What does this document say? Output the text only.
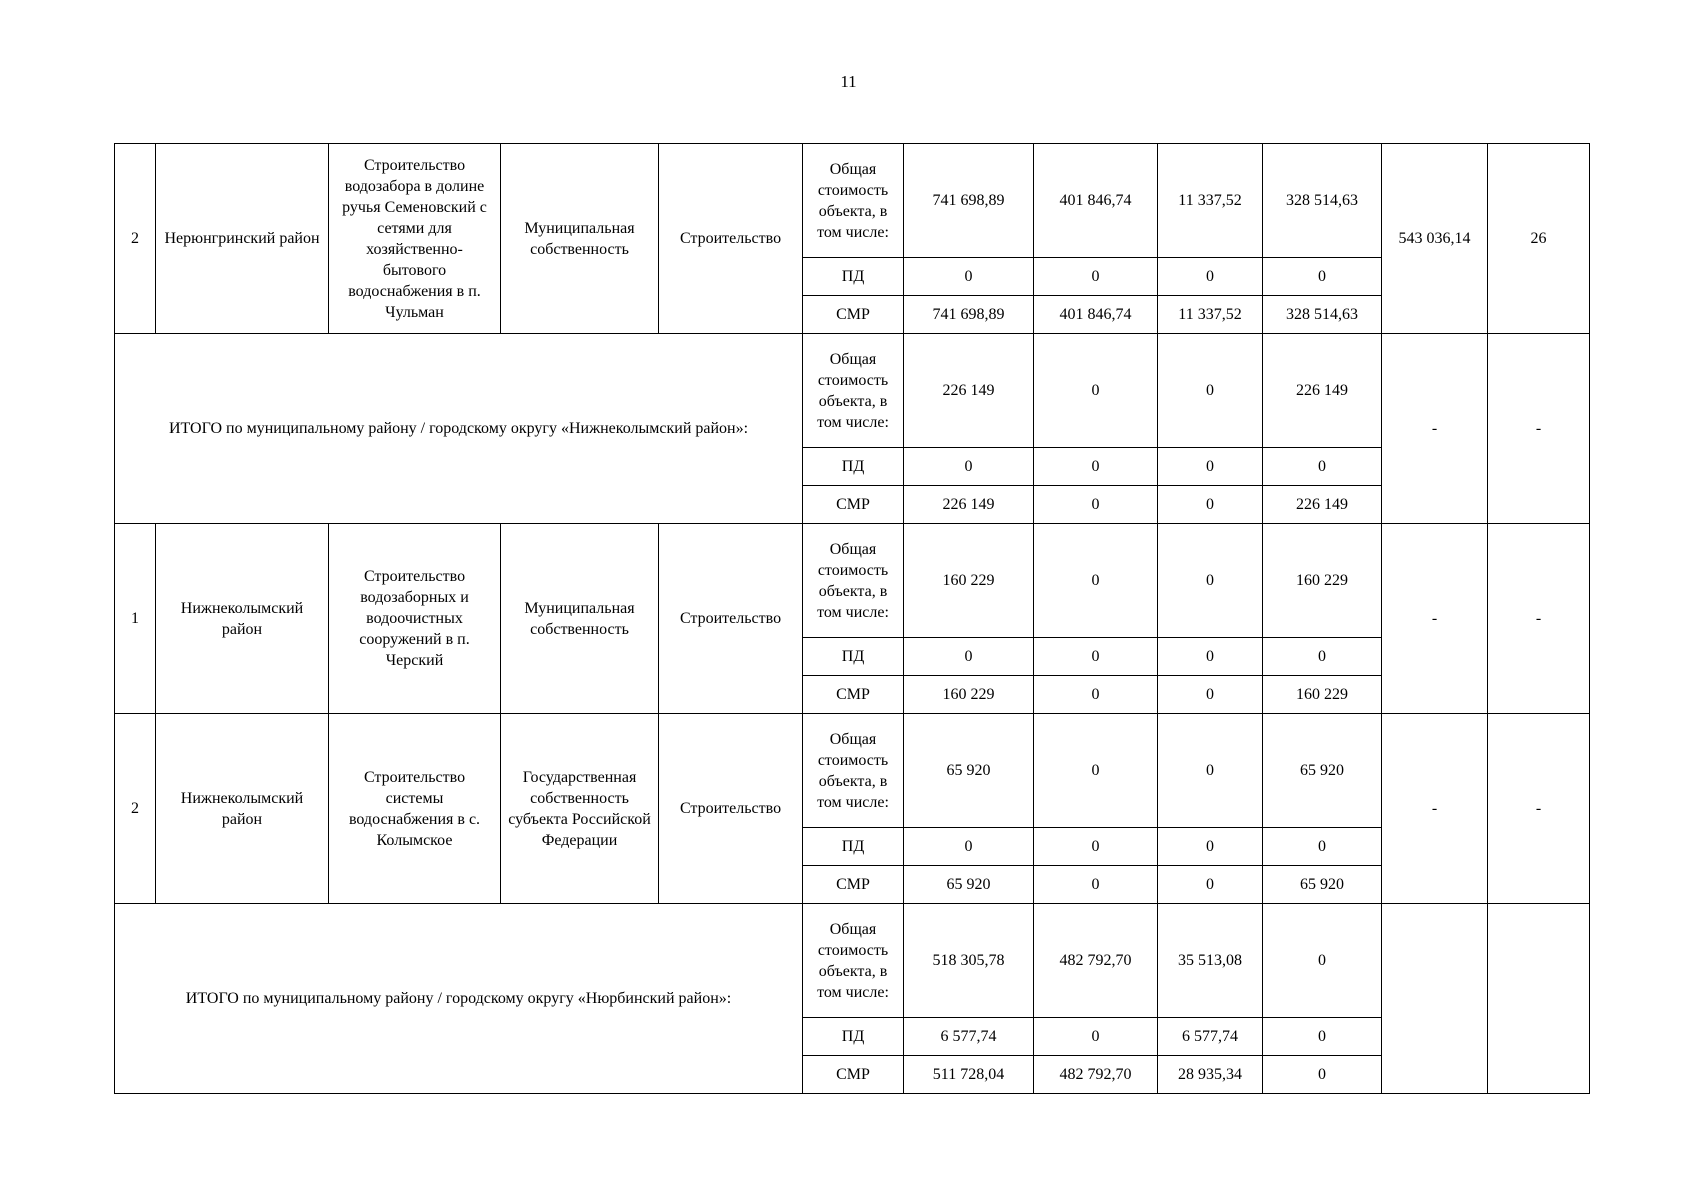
11
2	Нерюнгринский район	Строительство водозабора в долине ручья Семеновский с сетями для хозяйственно-бытового водоснабжения в п. Чульман	Муниципальная собственность	Строительство	Общая стоимость объекта, в том числе:	741 698,89	401 846,74	11 337,52	328 514,63	543 036,14	26
					ПД	0	0	0	0		
					СМР	741 698,89	401 846,74	11 337,52	328 514,63		
ИТОГО по муниципальному району / городскому округу «Нижнеколымский район»:					Общая стоимость объекта, в том числе:	226 149	0	0	226 149	-	-
					ПД	0	0	0	0		
					СМР	226 149	0	0	226 149		
1	Нижнеколымский район	Строительство водозаборных и водоочистных сооружений в п. Черский	Муниципальная собственность	Строительство	Общая стоимость объекта, в том числе:	160 229	0	0	160 229	-	-
					ПД	0	0	0	0		
					СМР	160 229	0	0	160 229		
2	Нижнеколымский район	Строительство системы водоснабжения в с. Колымское	Государственная собственность субъекта Российской Федерации	Строительство	Общая стоимость объекта, в том числе:	65 920	0	0	65 920	-	-
					ПД	0	0	0	0		
					СМР	65 920	0	0	65 920		
ИТОГО по муниципальному району / городскому округу «Нюрбинский район»:					Общая стоимость объекта, в том числе:	518 305,78	482 792,70	35 513,08	0		
					ПД	6 577,74	0	6 577,74	0		
					СМР	511 728,04	482 792,70	28 935,34	0		
